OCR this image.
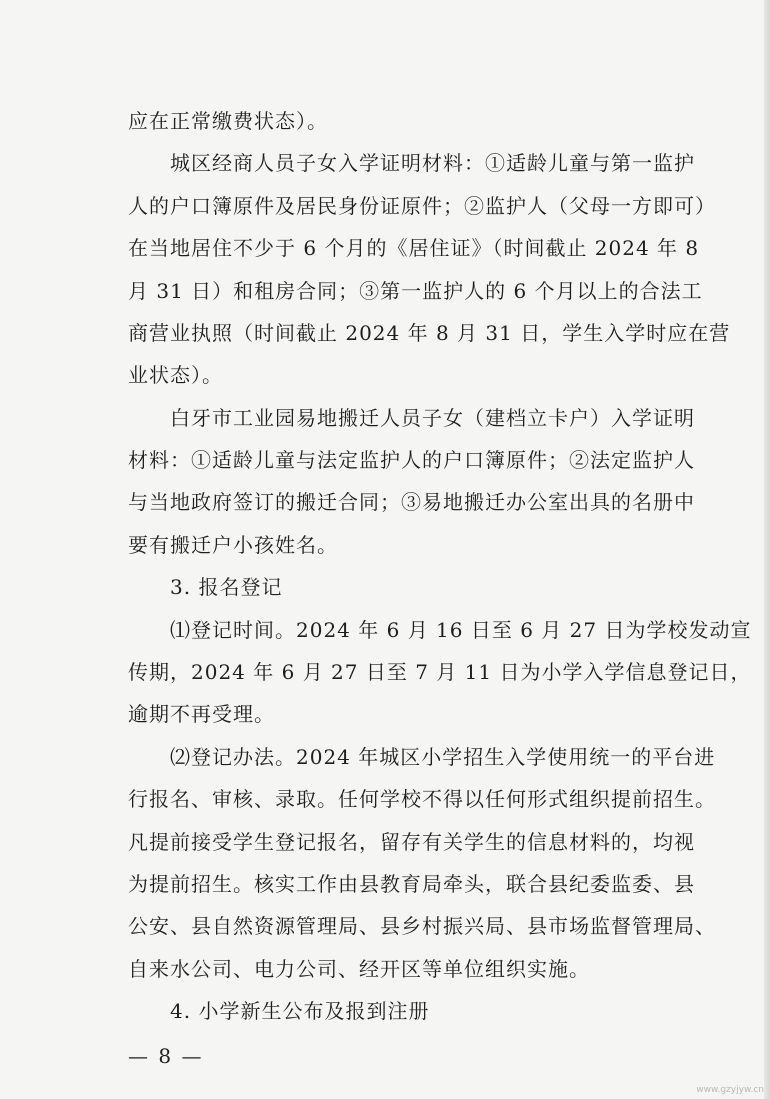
应在正常缴费状态）。
城区经商人员子女入学证明材料：①适龄儿童与第一监护
人的户口簿原件及居民身份证原件；②监护人（父母一方即可）
在当地居住不少于 6 个月的《居住证》（时间截止 2024 年 8
月 31 日）和租房合同；③第一监护人的 6 个月以上的合法工
商营业执照（时间截止 2024 年 8 月 31 日，学生入学时应在营
业状态）。
白牙市工业园易地搬迁人员子女（建档立卡户）入学证明
材料：①适龄儿童与法定监护人的户口簿原件；②法定监护人
与当地政府签订的搬迁合同；③易地搬迁办公室出具的名册中
要有搬迁户小孩姓名。
3. 报名登记
⑴登记时间。2024 年 6 月 16 日至 6 月 27 日为学校发动宣
传期，2024 年 6 月 27 日至 7 月 11 日为小学入学信息登记日，
逾期不再受理。
⑵登记办法。2024 年城区小学招生入学使用统一的平台进
行报名、审核、录取。任何学校不得以任何形式组织提前招生。
凡提前接受学生登记报名，留存有关学生的信息材料的，均视
为提前招生。核实工作由县教育局牵头，联合县纪委监委、县
公安、县自然资源管理局、县乡村振兴局、县市场监督管理局、
自来水公司、电力公司、经开区等单位组织实施。
4. 小学新生公布及报到注册
— 8 —
www.gzyjyw.cn
